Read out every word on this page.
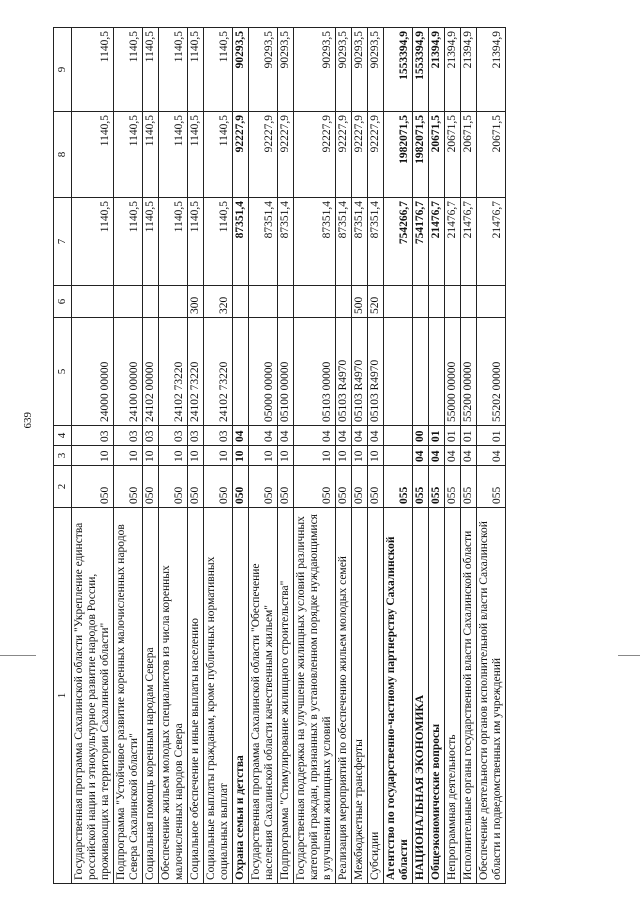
639
1	2	3	4	5	6	7	8	9
Государственная программа Сахалинской области "Укрепление единства российской нации и этнокультурное развитие народов России, проживающих на территории Сахалинской области"	050	10	03	24000 00000		1140,5	1140,5	1140,5
Подпрограмма "Устойчивое развитие коренных малочисленных народов Севера Сахалинской области"	050	10	03	24100 00000		1140,5	1140,5	1140,5
Социальная помощь коренным народам Севера	050	10	03	24102 00000		1140,5	1140,5	1140,5
Обеспечение жильем молодых специалистов из числа коренных малочисленных народов Севера	050	10	03	24102 73220		1140,5	1140,5	1140,5
Социальное обеспечение и иные выплаты населению	050	10	03	24102 73220	300	1140,5	1140,5	1140,5
Социальные выплаты гражданам, кроме публичных нормативных социальных выплат	050	10	03	24102 73220	320	1140,5	1140,5	1140,5
Охрана семьи и детства	050	10	04			87351,4	92227,9	90293,5
Государственная программа Сахалинской области "Обеспечение населения Сахалинской области качественным жильем"	050	10	04	05000 00000		87351,4	92227,9	90293,5
Подпрограмма "Стимулирование жилищного строительства"	050	10	04	05100 00000		87351,4	92227,9	90293,5
Государственная поддержка на улучшение жилищных условий различных категорий граждан, признанных в установленном порядке нуждающимися в улучшении жилищных условий	050	10	04	05103 00000		87351,4	92227,9	90293,5
Реализация мероприятий по обеспечению жильем молодых семей	050	10	04	05103 R4970		87351,4	92227,9	90293,5
Межбюджетные трансферты	050	10	04	05103 R4970	500	87351,4	92227,9	90293,5
Субсидии	050	10	04	05103 R4970	520	87351,4	92227,9	90293,5
Агентство по государственно-частному партнерству Сахалинской области	055					754266,7	1982071,5	1553394,9
НАЦИОНАЛЬНАЯ ЭКОНОМИКА	055	04	00			754176,7	1982071,5	1553394,9
Общеэкономические вопросы	055	04	01			21476,7	20671,5	21394,9
Непрограммная деятельность	055	04	01	55000 00000		21476,7	20671,5	21394,9
Исполнительные органы государственной власти Сахалинской области	055	04	01	55200 00000		21476,7	20671,5	21394,9
Обеспечение деятельности органов исполнительной власти Сахалинской области и подведомственных им учреждений	055	04	01	55202 00000		21476,7	20671,5	21394,9
